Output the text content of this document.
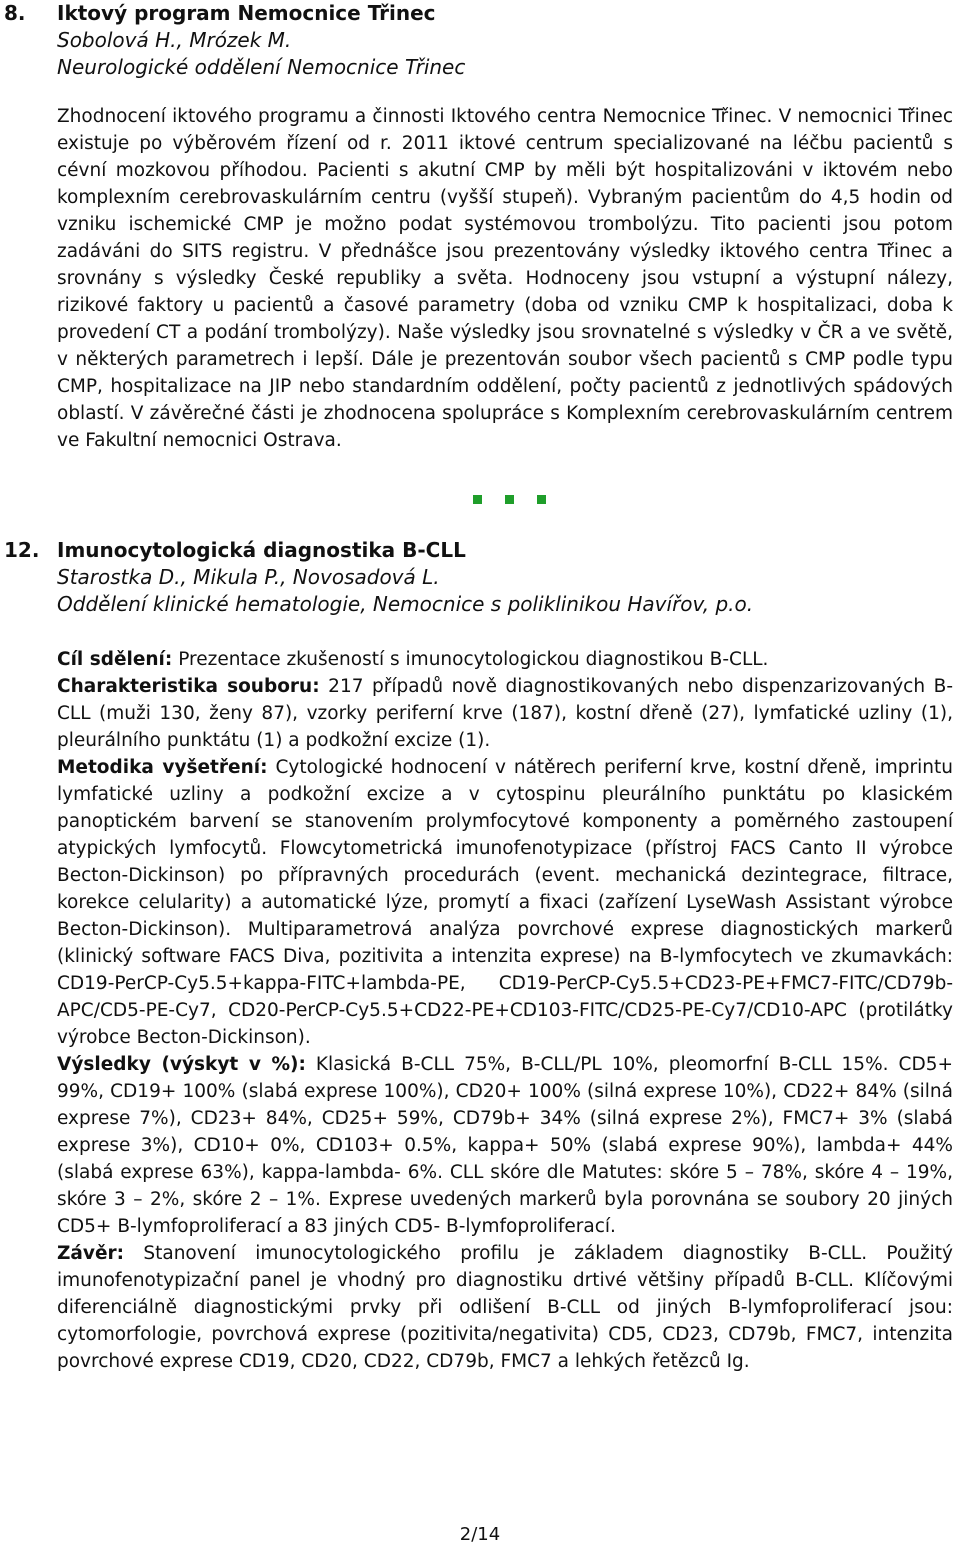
8.	Iktový program Nemocnice Třinec
Sobolová H., Mrózek M.
Neurologické oddělení Nemocnice Třinec

Zhodnocení iktového programu a činnosti Iktového centra Nemocnice Třinec. V nemocnici Třinec existuje po výběrovém řízení od r. 2011 iktové centrum specializované na léčbu pacientů s cévní mozkovou příhodou. Pacienti s akutní CMP by měli být hospitalizováni v iktovém nebo komplexním cerebrovaskulárním centru (vyšší stupeň). Vybraným pacientům do 4,5 hodin od vzniku ischemické CMP je možno podat systémovou trombolýzu. Tito pacienti jsou potom zadáváni do SITS registru. V přednášce jsou prezentovány výsledky iktového centra Třinec a srovnány s výsledky České republiky a světa. Hodnoceny jsou vstupní a výstupní nálezy, rizikové faktory u pacientů a časové parametry (doba od vzniku CMP k hospitalizaci, doba k provedení CT a podání trombolýzy). Naše výsledky jsou srovnatelné s výsledky v ČR a ve světě, v některých parametrech i lepší. Dále je prezentován soubor všech pacientů s CMP podle typu CMP, hospitalizace na JIP nebo standardním oddělení, počty pacientů z jednotlivých spádových oblastí. V závěrečné části je zhodnocena spolupráce s Komplexním cerebrovaskulárním centrem ve Fakultní nemocnici Ostrava.

12. Imunocytologická diagnostika B-CLL
Starostka D., Mikula P., Novosadová L.
Oddělení klinické hematologie, Nemocnice s poliklinikou Havířov, p.o.

Cíl sdělení: Prezentace zkušeností s imunocytologickou diagnostikou B-CLL.

Charakteristika souboru: 217 případů nově diagnostikovaných nebo dispenzarizovaných B-CLL (muži 130, ženy 87), vzorky periferní krve (187), kostní dřeně (27), lymfatické uzliny (1), pleurálního punktátu (1) a podkožní excize (1).

Metodika vyšetření: Cytologické hodnocení v nátěrech periferní krve, kostní dřeně, imprintu lymfatické uzliny a podkožní excize a v cytospinu pleurálního punktátu po klasickém panoptickém barvení se stanovením prolymfocytové komponenty a poměrného zastoupení atypických lymfocytů. Flowcytometrická imunofenotypizace (přístroj FACS Canto II výrobce Becton-Dickinson) po přípravných procedurách (event. mechanická dezintegrace, filtrace, korekce celularity) a automatické lýze, promytí a fixaci (zařízení LyseWash Assistant výrobce Becton-Dickinson). Multiparametrová analýza povrchové exprese diagnostických markerů (klinický software FACS Diva, pozitivita a intenzita exprese) na B-lymfocytech ve zkumavkách: CD19-PerCP-Cy5.5+kappa-FITC+lambda-PE, CD19-PerCP-Cy5.5+CD23-PE+FMC7-FITC/CD79b-APC/CD5-PE-Cy7, CD20-PerCP-Cy5.5+CD22-PE+CD103-FITC/CD25-PE-Cy7/CD10-APC (protilátky výrobce Becton-Dickinson).

Výsledky (výskyt v %): Klasická B-CLL 75%, B-CLL/PL 10%, pleomorfní B-CLL 15%. CD5+ 99%, CD19+ 100% (slabá exprese 100%), CD20+ 100% (silná exprese 10%), CD22+ 84% (silná exprese 7%), CD23+ 84%, CD25+ 59%, CD79b+ 34% (silná exprese 2%), FMC7+ 3% (slabá exprese 3%), CD10+ 0%, CD103+ 0.5%, kappa+ 50% (slabá exprese 90%), lambda+ 44% (slabá exprese 63%), kappa-lambda- 6%. CLL skóre dle Matutes: skóre 5 – 78%, skóre 4 – 19%, skóre 3 – 2%, skóre 2 – 1%. Exprese uvedených markerů byla porovnána se soubory 20 jiných CD5+ B-lymfoproliferací a 83 jiných CD5- B-lymfoproliferací.

Závěr: Stanovení imunocytologického profilu je základem diagnostiky B-CLL. Použitý imunofenotypizační panel je vhodný pro diagnostiku drtivé většiny případů B-CLL. Klíčovými diferenciálně diagnostickými prvky při odlišení B-CLL od jiných B-lymfoproliferací jsou: cytomorfologie, povrchová exprese (pozitivita/negativita) CD5, CD23, CD79b, FMC7, intenzita povrchové exprese CD19, CD20, CD22, CD79b, FMC7 a lehkých řetězců Ig.

2/14
